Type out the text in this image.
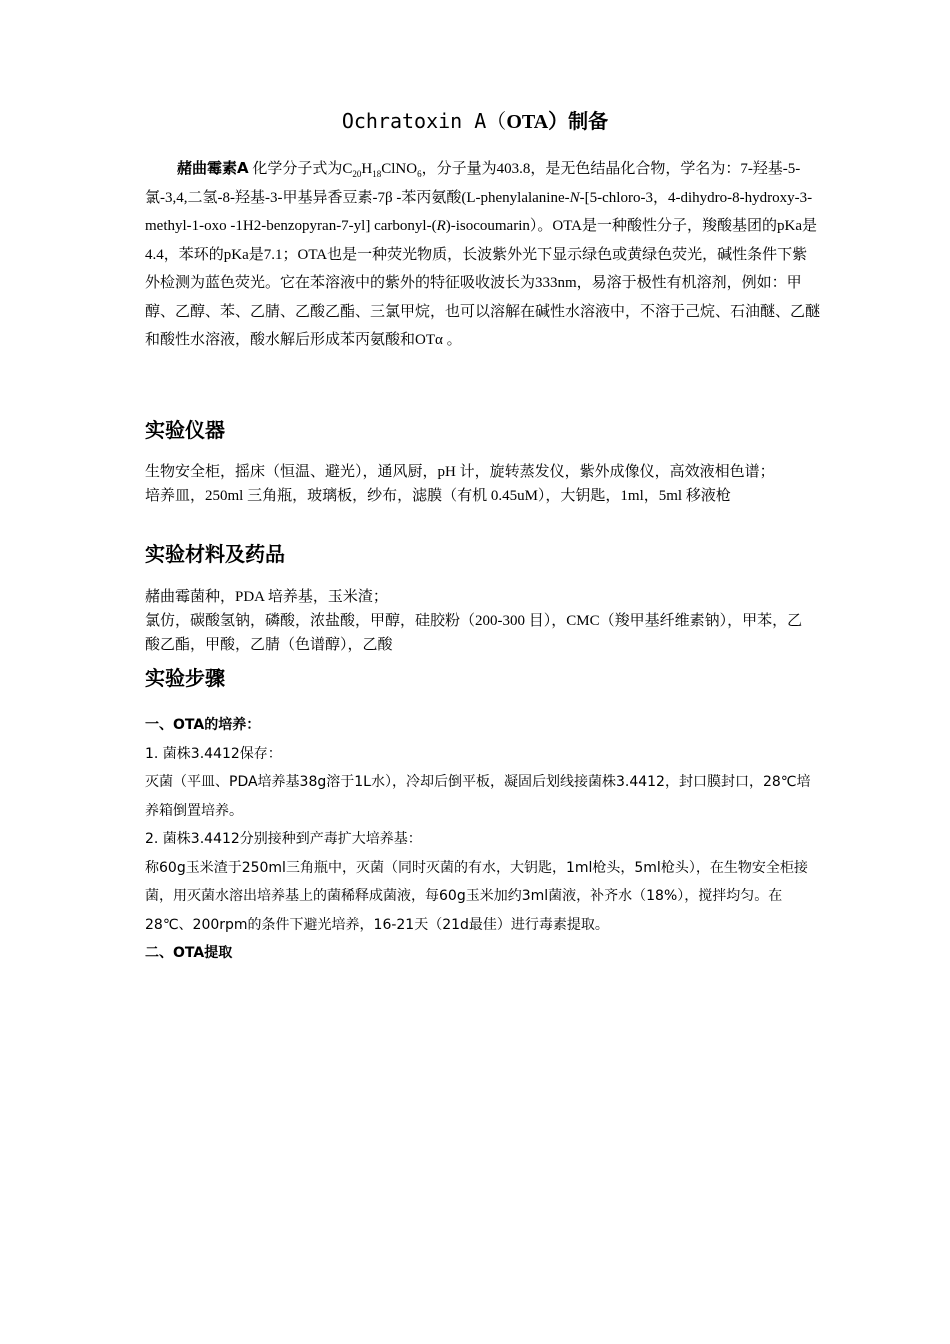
Ochratoxin A（OTA）制备
赭曲霉素A 化学分子式为$C_{20}H_{18}ClNO_6$，分子量为403.8，是无色结晶化合物，学名为：7-羟基-5-氯-3,4,二氢-8-羟基-3-甲基异香豆素-7β -苯丙氨酸(L-phenylalanine-N-[5-chloro-3，4-dihydro-8-hydroxy-3-methyl-1-oxo -1H2-benzopyran-7-yl] carbonyl-(R)-isocoumarin）。OTA是一种酸性分子，羧酸基团的pKa是4.4，苯环的pKa是7.1；OTA也是一种荧光物质，长波紫外光下显示绿色或黄绿色荧光，碱性条件下紫外检测为蓝色荧光。它在苯溶液中的紫外的特征吸收波长为333nm，易溶于极性有机溶剂，例如：甲醇、乙醇、苯、乙腈、乙酸乙酯、三氯甲烷，也可以溶解在碱性水溶液中，不溶于己烷、石油醚、乙醚和酸性水溶液，酸水解后形成苯丙氨酸和OTα 。
实验仪器
生物安全柜，摇床（恒温、避光），通风厨，pH 计，旋转蒸发仪，紫外成像仪，高效液相色谱；
培养皿，250ml 三角瓶，玻璃板，纱布，滤膜（有机 0.45uM），大钥匙，1ml，5ml 移液枪
实验材料及药品
赭曲霉菌种，PDA 培养基，玉米渣；
氯仿，碳酸氢钠，磷酸，浓盐酸，甲醇，硅胶粉（200-300 目），CMC（羧甲基纤维素钠），甲苯，乙酸乙酯，甲酸，乙腈（色谱醇），乙酸
实验步骤
一、OTA的培养：
1. 菌株3.4412保存：
灭菌（平皿、PDA培养基38g溶于1L水），冷却后倒平板，凝固后划线接菌株3.4412，封口膜封口，28℃培养箱倒置培养。
2. 菌株3.4412分别接种到产毒扩大培养基：
称60g玉米渣于250ml三角瓶中，灭菌（同时灭菌的有水，大钥匙，1ml枪头，5ml枪头），在生物安全柜接菌，用灭菌水溶出培养基上的菌稀释成菌液，每60g玉米加约3ml菌液，补齐水（18%），搅拌均匀。在28℃、200rpm的条件下避光培养，16-21天（21d最佳）进行毒素提取。
二、OTA提取
